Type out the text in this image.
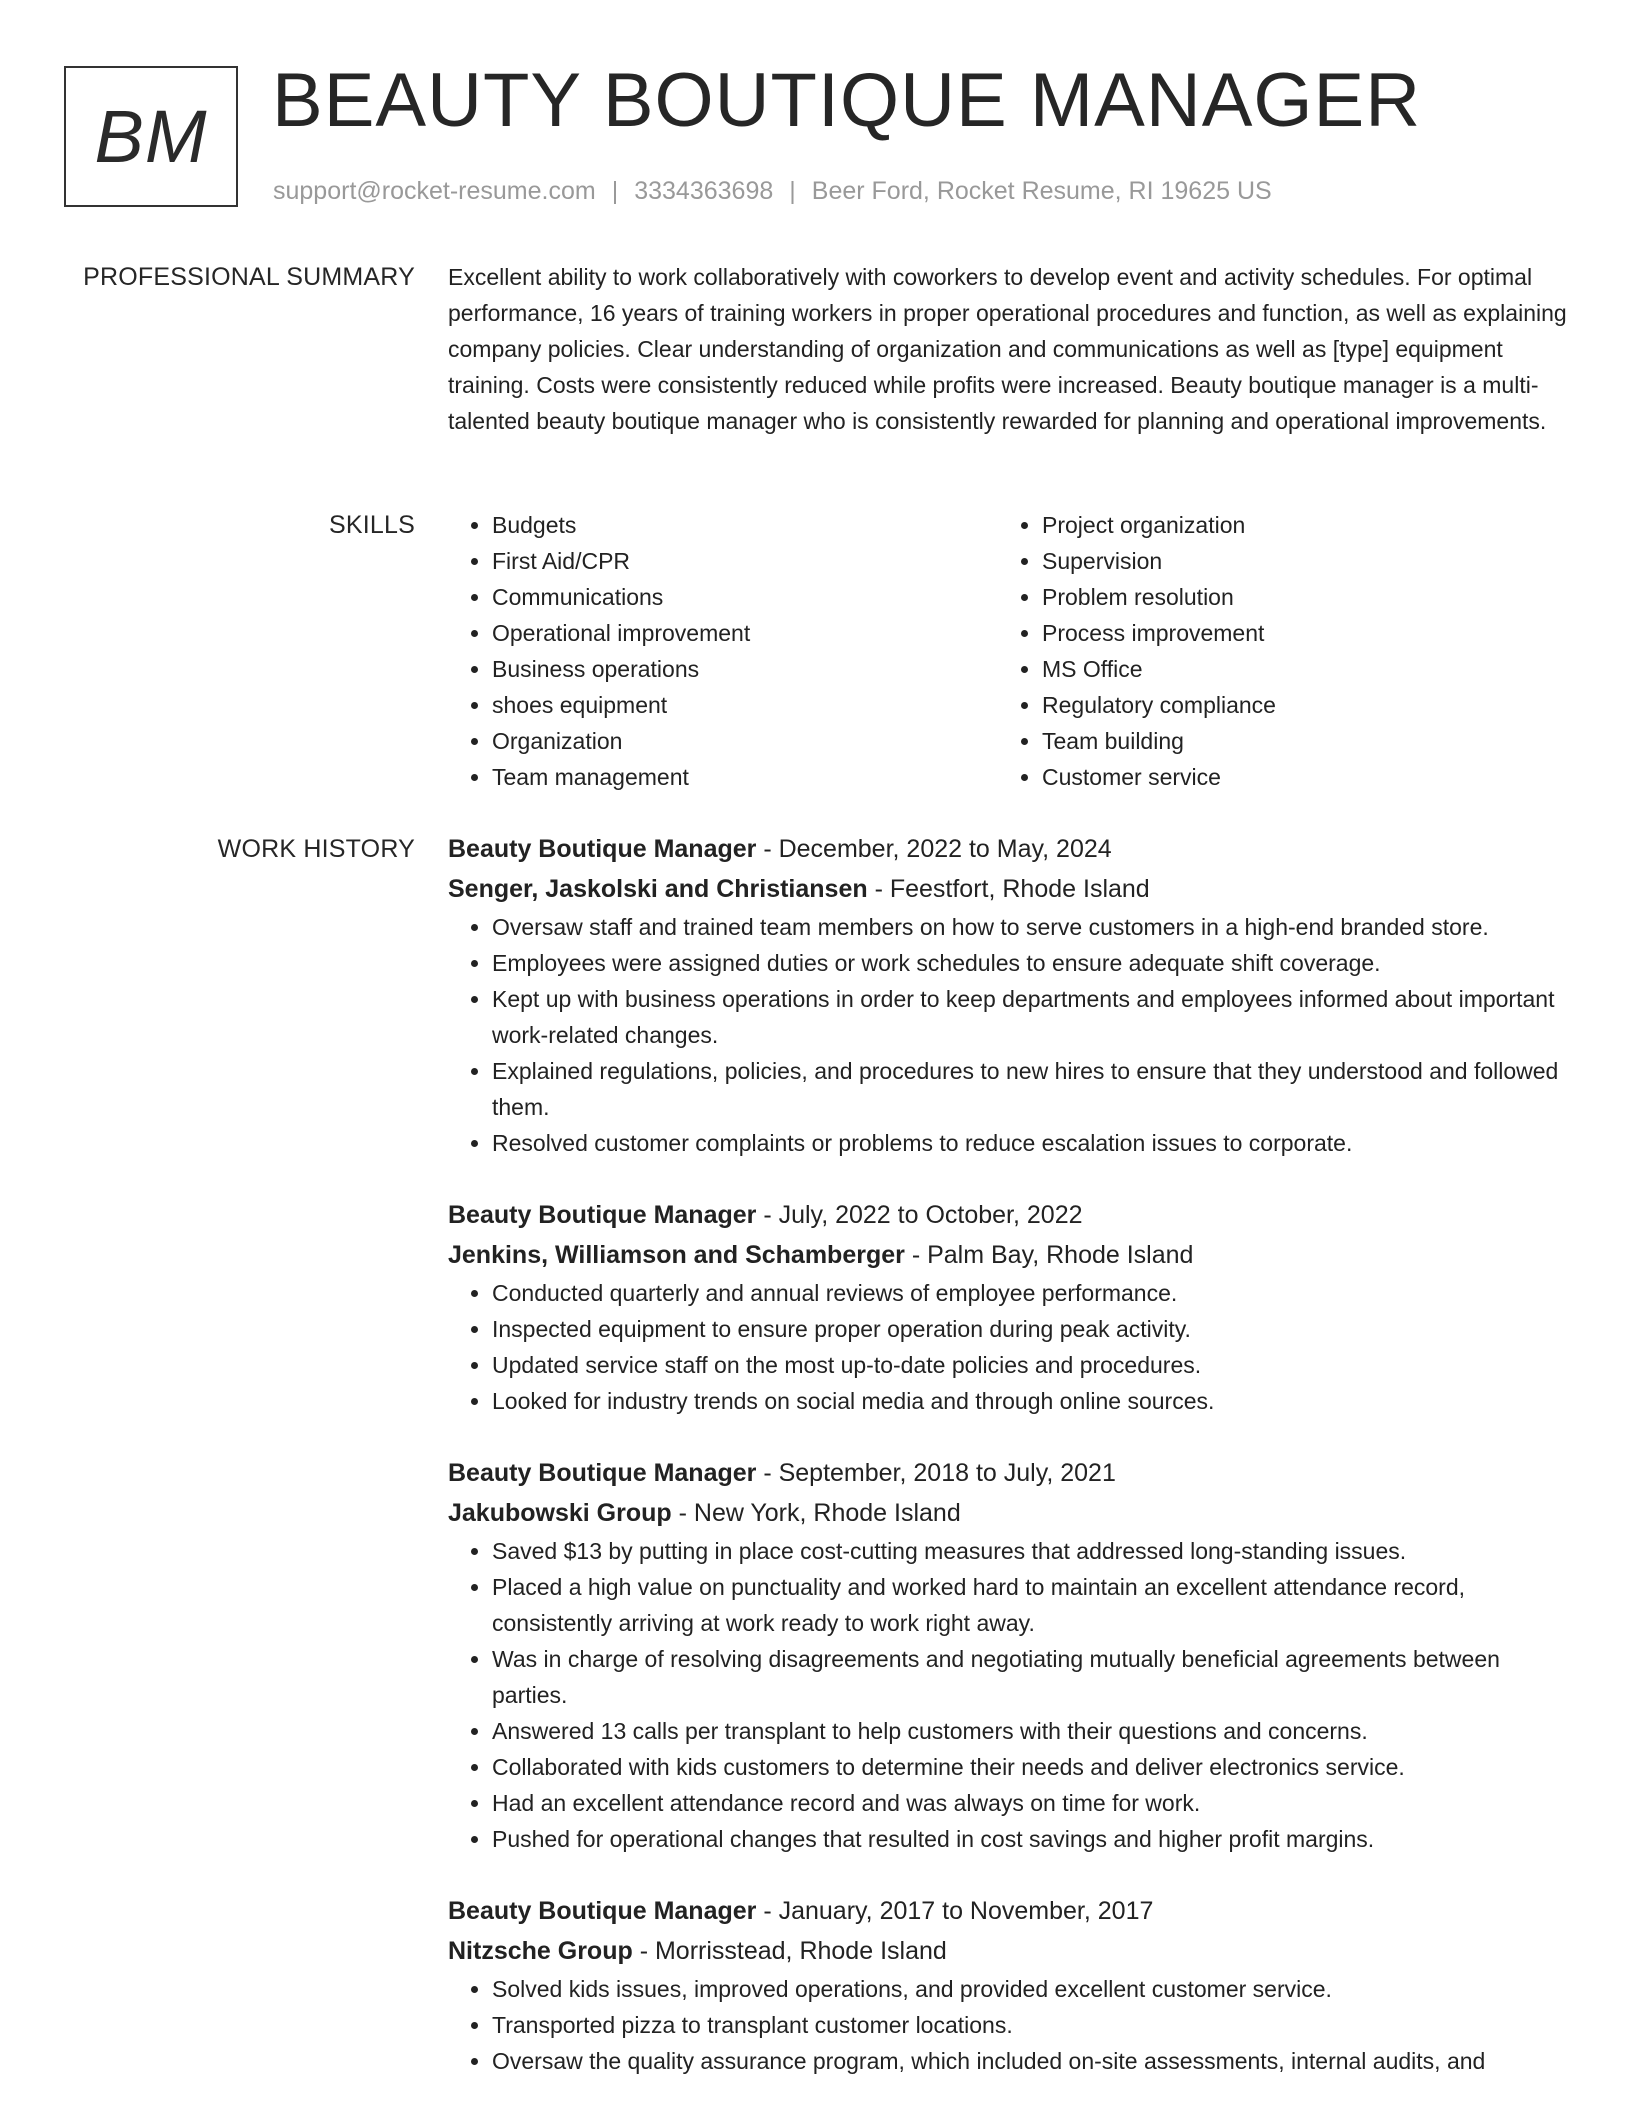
BM BEAUTY BOUTIQUE MANAGER
support@rocket-resume.com | 3334363698 | Beer Ford, Rocket Resume, RI 19625 US
PROFESSIONAL SUMMARY Excellent ability to work collaboratively with coworkers to develop event and activity schedules. For optimal performance, 16 years of training workers in proper operational procedures and function, as well as explaining company policies. Clear understanding of organization and communications as well as [type] equipment training. Costs were consistently reduced while profits were increased. Beauty boutique manager is a multi-talented beauty boutique manager who is consistently rewarded for planning and operational improvements.

SKILLS
•	Budgets
• First Aid/CPR
• Communications
• Operational improvement
• Business operations
• shoes equipment
• Organization
• Team management
• Project organization
• Supervision
• Problem resolution
• Process improvement
• MS Office
• Regulatory compliance
• Team building
• Customer service
WORK HISTORY Beauty Boutique Manager - December, 2022 to May, 2024
Senger, Jaskolski and Christiansen - Feestfort, Rhode Island
• Oversaw staff and trained team members on how to serve customers in a high-end branded store.
• Employees were assigned duties or work schedules to ensure adequate shift coverage.
• Kept up with business operations in order to keep departments and employees informed about important work-related changes.
• Explained regulations, policies, and procedures to new hires to ensure that they understood and followed them.
• Resolved customer complaints or problems to reduce escalation issues to corporate.
Beauty Boutique Manager - July, 2022 to October, 2022
Jenkins, Williamson and Schamberger - Palm Bay, Rhode Island
• Conducted quarterly and annual reviews of employee performance.
• Inspected equipment to ensure proper operation during peak activity.
• Updated service staff on the most up-to-date policies and procedures.
• Looked for industry trends on social media and through online sources.
Beauty Boutique Manager - September, 2018 to July, 2021
Jakubowski Group - New York, Rhode Island
• Saved $13 by putting in place cost-cutting measures that addressed long-standing issues.
• Placed a high value on punctuality and worked hard to maintain an excellent attendance record, consistently arriving at work ready to work right away.
• Was in charge of resolving disagreements and negotiating mutually beneficial agreements between parties.
• Answered 13 calls per transplant to help customers with their questions and concerns.
• Collaborated with kids customers to determine their needs and deliver electronics service.
• Had an excellent attendance record and was always on time for work.
• Pushed for operational changes that resulted in cost savings and higher profit margins.
Beauty Boutique Manager - January, 2017 to November, 2017
Nitzsche Group - Morrisstead, Rhode Island
• Solved kids issues, improved operations, and provided excellent customer service.
• Transported pizza to transplant customer locations.
• Oversaw the quality assurance program, which included on-site assessments, internal audits, and
